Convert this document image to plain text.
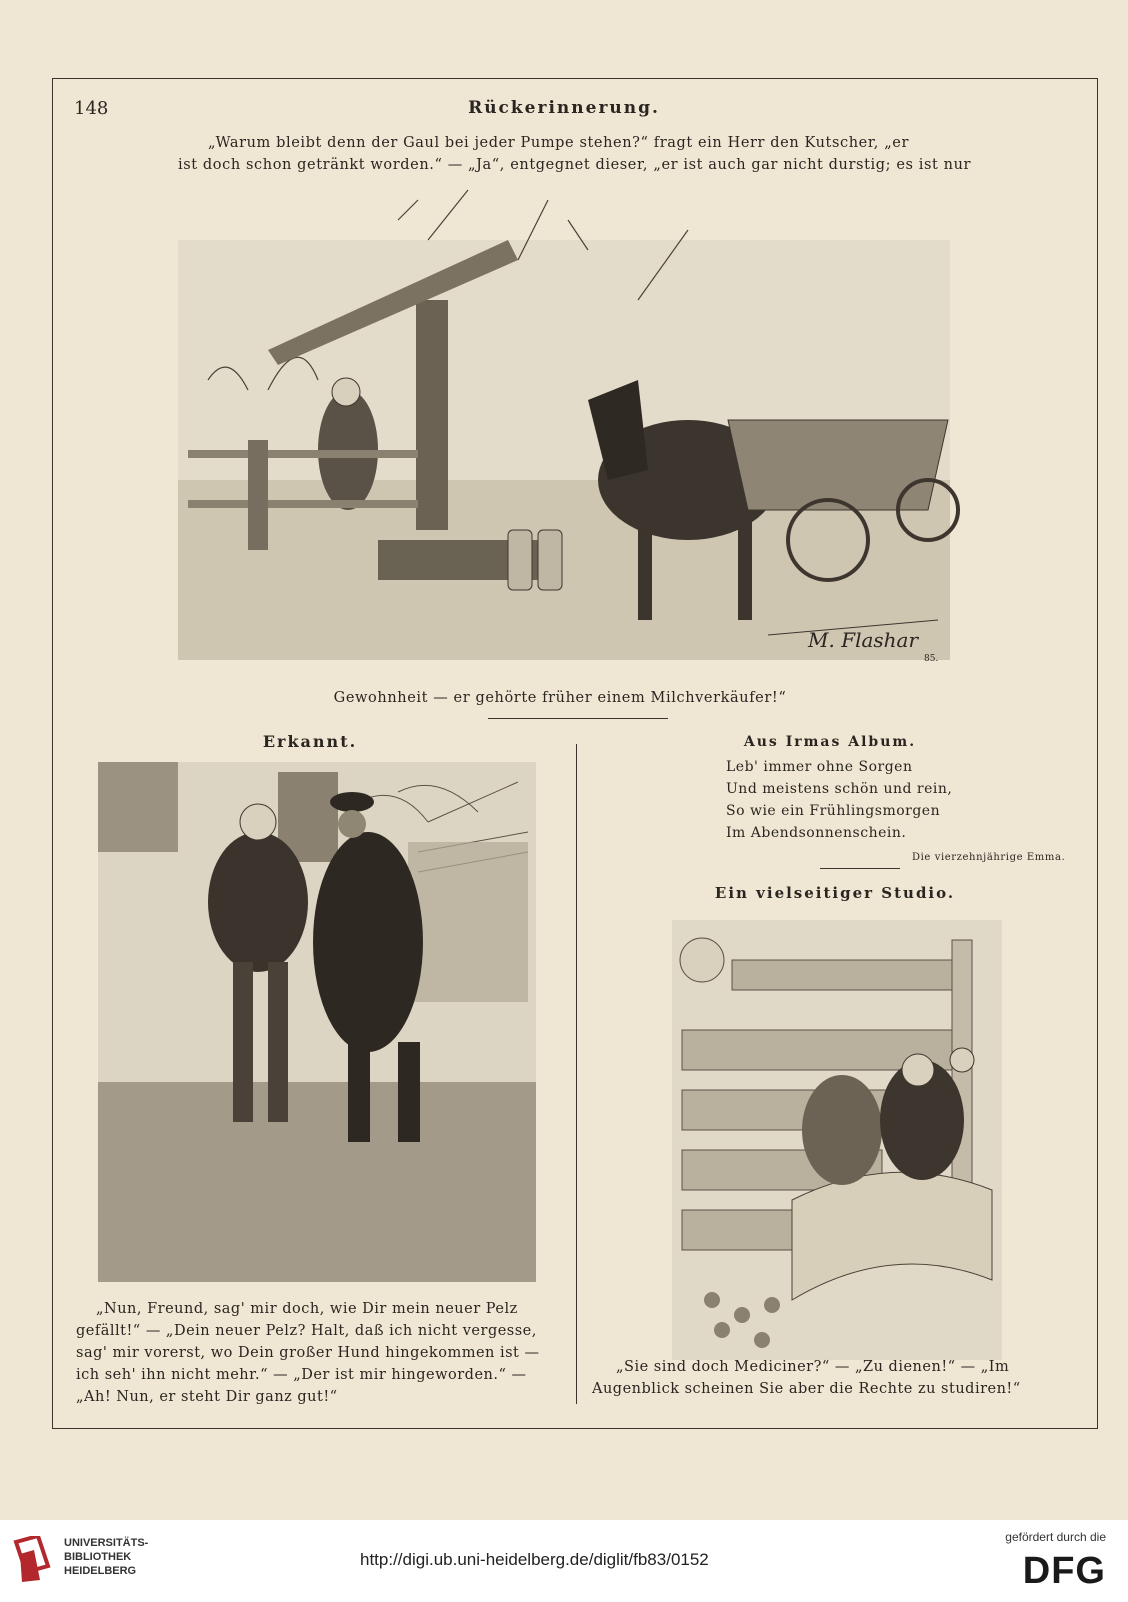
148	Rückerinnerung.
„Warum bleibt denn der Gaul bei jeder Pumpe stehen?“ fragt ein Herr den Kutscher, „er
ist doch schon getränkt worden.“ — „Ja“, entgegnet dieser, „er ist auch gar nicht durstig; es ist nur
M. Flashar
85.
Gewohnheit — er gehörte früher einem Milchverkäufer!“
Erkannt.
„Nun, Freund, sag' mir doch, wie Dir mein neuer Pelz
gefällt!“ — „Dein neuer Pelz? Halt, daß ich nicht vergesse,
sag' mir vorerst, wo Dein großer Hund hingekommen ist —
ich seh' ihn nicht mehr.“ — „Der ist mir hingeworden.“ —
„Ah! Nun, er steht Dir ganz gut!“
Aus Irmas Album.
Leb' immer ohne Sorgen
Und meistens schön und rein,
So wie ein Frühlingsmorgen
Im Abendsonnenschein.
Die vierzehnjährige Emma.
Ein vielseitiger Studio.
„Sie sind doch Mediciner?“ — „Zu dienen!“ — „Im
Augenblick scheinen Sie aber die Rechte zu studiren!“
UNIVERSITÄTS-
BIBLIOTHEK
HEIDELBERG
http://digi.ub.uni-heidelberg.de/diglit/fb83/0152
gefördert durch die
DFG
